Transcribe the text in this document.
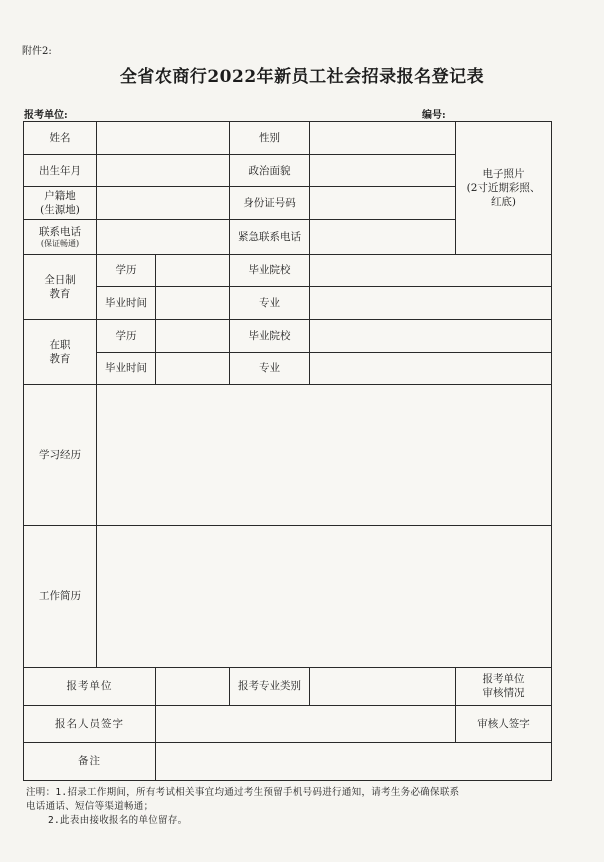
附件2:
全省农商行2022年新员工社会招录报名登记表
报考单位:	编号:
姓名			性别		电子照片
(2寸近期彩照、
红底)

出生年月			政治面貌		

户籍地
(生源地)			身份证号码		

联系电话
(保证畅通)			紧急联系电话		

全日制
教育	学历		毕业院校		
	毕业时间		专业		

在职
教育	学历		毕业院校		
	毕业时间		专业		
学习经历					
工作简历					
报考单位			报考专业类别		报考单位
审核情况

报名人员签字					审核人签字
备注					

注明：1.招录工作期间，所有考试相关事宜均通过考生预留手机号码进行通知，请考生务必确保联系

电话通话、短信等渠道畅通；

2.此表由接收报名的单位留存。
